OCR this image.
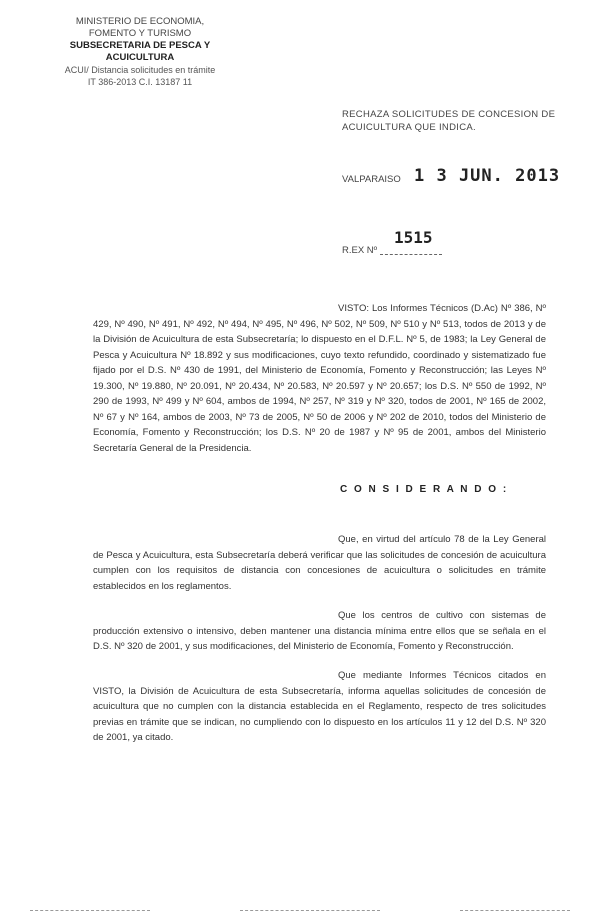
MINISTERIO DE ECONOMIA,
FOMENTO Y TURISMO
SUBSECRETARIA DE PESCA Y ACUICULTURA
ACUI/ Distancia solicitudes en trámite
IT 386-2013 C.I. 13187 11
RECHAZA SOLICITUDES DE CONCESION DE ACUICULTURA QUE INDICA.
VALPARAISO 1 3 JUN. 2013
1515
R.EX Nº

VISTO: Los Informes Técnicos (D.Ac) Nº 386, Nº 429, Nº 490, Nº 491, Nº 492, Nº 494, Nº 495, Nº 496, Nº 502, Nº 509, Nº 510 y Nº 513, todos de 2013 y de la División de Acuicultura de esta Subsecretaría; lo dispuesto en el D.F.L. Nº 5, de 1983; la Ley General de Pesca y Acuicultura Nº 18.892 y sus modificaciones, cuyo texto refundido, coordinado y sistematizado fue fijado por el D.S. Nº 430 de 1991, del Ministerio de Economía, Fomento y Reconstrucción; las Leyes Nº 19.300, Nº 19.880, Nº 20.091, Nº 20.434, Nº 20.583, Nº 20.597 y Nº 20.657; los D.S. Nº 550 de 1992, Nº 290 de 1993, Nº 499 y Nº 604, ambos de 1994, Nº 257, Nº 319 y Nº 320, todos de 2001, Nº 165 de 2002, Nº 67 y Nº 164, ambos de 2003, Nº 73 de 2005, Nº 50 de 2006 y Nº 202 de 2010, todos del Ministerio de Economía, Fomento y Reconstrucción; los D.S. Nº 20 de 1987 y Nº 95 de 2001, ambos del Ministerio Secretaría General de la Presidencia.

C O N S I D E R A N D O :

Que, en virtud del artículo 78 de la Ley General de Pesca y Acuicultura, esta Subsecretaría deberá verificar que las solicitudes de concesión de acuicultura cumplen con los requisitos de distancia con concesiones de acuicultura o solicitudes en trámite establecidos en los reglamentos.

Que los centros de cultivo con sistemas de producción extensivo o intensivo, deben mantener una distancia mínima entre ellos que se señala en el D.S. Nº 320 de 2001, y sus modificaciones, del Ministerio de Economía, Fomento y Reconstrucción.

Que mediante Informes Técnicos citados en VISTO, la División de Acuicultura de esta Subsecretaría, informa aquellas solicitudes de concesión de acuicultura que no cumplen con la distancia establecida en el Reglamento, respecto de tres solicitudes previas en trámite que se indican, no cumpliendo con lo dispuesto en los artículos 11 y 12 del D.S. Nº 320 de 2001, ya citado.
